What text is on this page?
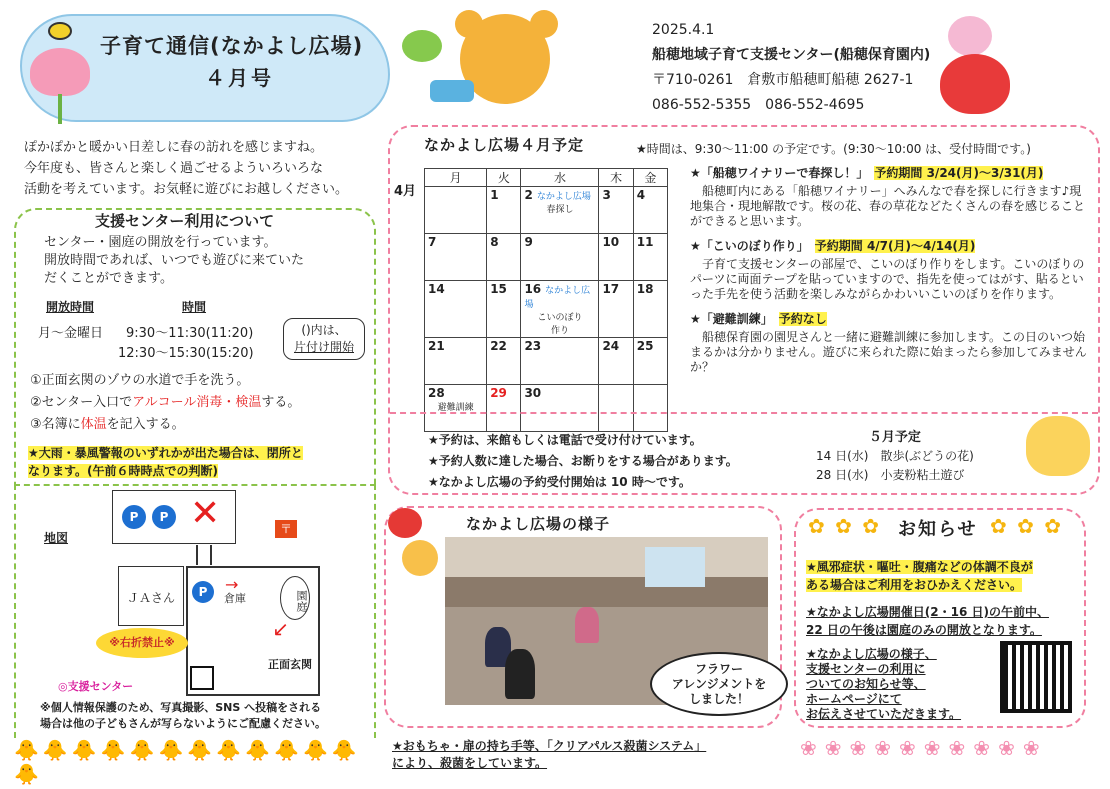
子育て通信(なかよし広場)
４月号
2025.4.1
船穂地域子育て支援センター(船穂保育園内)
〒710-0261　倉敷市船穂町船穂 2627-1
086-552-5355　086-552-4695
ぽかぽかと暖かい日差しに春の訪れを感じますね。
今年度も、皆さんと楽しく過ごせるよういろいろな
活動を考えています。お気軽に遊びにお越しください。
支援センター利用について
センター・園庭の開放を行っています。
開放時間であれば、いつでも遊びに来ていた
だくことができます。
開放時間	時間
月～金曜日 9:30～11:30(11:20)
12:30～15:30(15:20)
()内は、
片付け開始
①正面玄関のゾウの水道で手を洗う。
②センター入口でアルコール消毒・検温する。
③名簿に体温を記入する。
★大雨・暴風警報のいずれかが出た場合は、閉所と
なります。(午前６時時点での判断)
地図
P	P ✕	〒
ＪＡさん	P	倉庫	園庭
→
↓
※右折禁止※
正面玄関
◎支援センター
※個人情報保護のため、写真撮影、SNS へ投稿をされる
場合は他の子どもさんが写らないようにご配慮ください。
🐥🐥🐥🐥🐥🐥🐥🐥🐥🐥🐥🐥🐥
なかよし広場４月予定	★時間は、9:30～11:00 の予定です。(9:30～10:00 は、受付時間です。)
4月
月	火	水	木	金
	1	2 なかよし広場
春探し	3	4
7	8	9	10	11
14	15	16 なかよし広場
こいのぼり
作り	17	18
21	22	23	24	25
28
避難訓練	29	30		
★「船穂ワイナリーで春探し！」 予約期間 3/24(月)～3/31(月)
　船穂町内にある「船穂ワイナリー」へみんなで春を探しに行きます♪現地集合・現地解散です。桜の花、春の草花などたくさんの春を感じることができると思います。
★「こいのぼり作り」 予約期間 4/7(月)～4/14(月)
　子育て支援センターの部屋で、こいのぼり作りをします。こいのぼりのパーツに両面テープを貼っていますので、指先を使ってはがす、貼るといった手先を使う活動を楽しみながらかわいいこいのぼりを作ります。
★「避難訓練」 予約なし
　船穂保育園の園児さんと一緒に避難訓練に参加します。この日のいつ始まるかは分かりません。遊びに来られた際に始まったら参加してみませんか？
★予約は、来館もしくは電話で受け付けています。
★予約人数に達した場合、お断りをする場合があります。
★なかよし広場の予約受付開始は 10 時～です。
５月予定
14 日(水)　散歩(ぶどうの花)
28 日(水)　小麦粉粘土遊び
なかよし広場の様子
フラワー
アレンジメントを
しました！
★おもちゃ・扉の持ち手等、「クリアパルス殺菌システム」
により、殺菌をしています。
✿ ✿ ✿ お知らせ ✿ ✿ ✿
★風邪症状・嘔吐・腹痛などの体調不良が
ある場合はご利用をおひかえください。
★なかよし広場開催日(2・16 日)の午前中、
22 日の午後は園庭のみの開放となります。
★なかよし広場の様子、
支援センターの利用に
ついてのお知らせ等、
ホームページにて
お伝えさせていただきます。
❀❀❀❀❀❀❀❀❀❀
